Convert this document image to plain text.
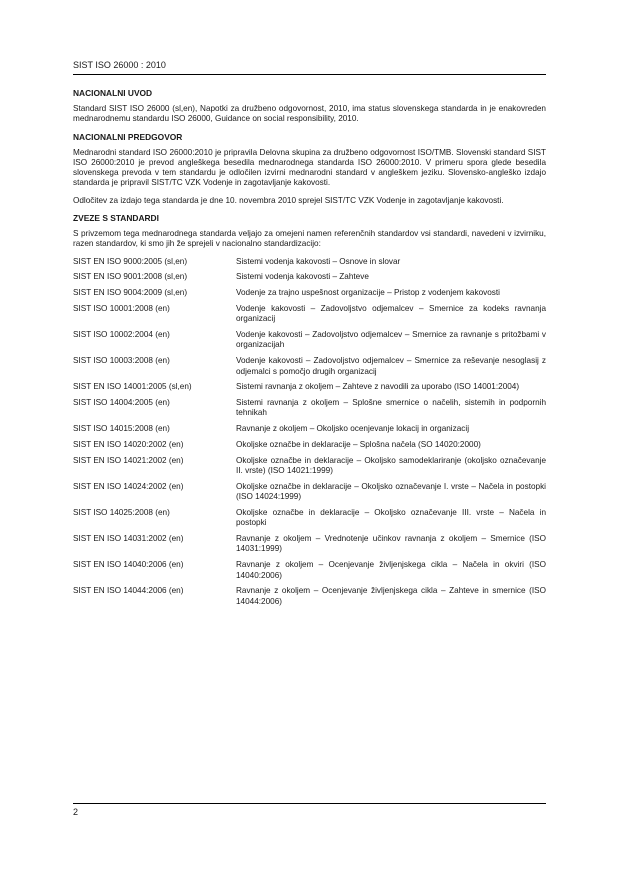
SIST ISO 26000 : 2010
NACIONALNI UVOD

Standard SIST ISO 26000 (sl,en), Napotki za družbeno odgovornost, 2010, ima status slovenskega standarda in je enakovreden mednarodnemu standardu ISO 26000, Guidance on social responsibility, 2010.

NACIONALNI PREDGOVOR

Mednarodni standard ISO 26000:2010 je pripravila Delovna skupina za družbeno odgovornost ISO/TMB. Slovenski standard SIST ISO 26000:2010 je prevod angleškega besedila mednarodnega standarda ISO 26000:2010. V primeru spora glede besedila slovenskega prevoda v tem standardu je odločilen izvirni mednarodni standard v angleškem jeziku. Slovensko-angleško izdajo standarda je pripravil SIST/TC VZK Vodenje in zagotavljanje kakovosti.

Odločitev za izdajo tega standarda je dne 10. novembra 2010 sprejel SIST/TC VZK Vodenje in zagotavljanje kakovosti.

ZVEZE S STANDARDI

S privzemom tega mednarodnega standarda veljajo za omejeni namen referenčnih standardov vsi standardi, navedeni v izvirniku, razen standardov, ki smo jih že sprejeli v nacionalno standardizacijo:

SIST EN ISO 9000:2005 (sl,en)	Sistemi vodenja kakovosti – Osnove in slovar
SIST EN ISO 9001:2008 (sl,en)	Sistemi vodenja kakovosti – Zahteve
SIST EN ISO 9004:2009 (sl,en)	Vodenje za trajno uspešnost organizacije – Pristop z vodenjem kakovosti
SIST ISO 10001:2008 (en)	Vodenje kakovosti – Zadovoljstvo odjemalcev – Smernice za kodeks ravnanja organizacij
SIST ISO 10002:2004 (en)	Vodenje kakovosti – Zadovoljstvo odjemalcev – Smernice za ravnanje s pritožbami v organizacijah
SIST ISO 10003:2008 (en)	Vodenje kakovosti – Zadovoljstvo odjemalcev – Smernice za reševanje nesoglasij z odjemalci s pomočjo drugih organizacij
SIST EN ISO 14001:2005 (sl,en)	Sistemi ravnanja z okoljem – Zahteve z navodili za uporabo (ISO 14001:2004)
SIST ISO 14004:2005 (en)	Sistemi ravnanja z okoljem – Splošne smernice o načelih, sistemih in podpornih tehnikah
SIST ISO 14015:2008 (en)	Ravnanje z okoljem – Okoljsko ocenjevanje lokacij in organizacij
SIST EN ISO 14020:2002 (en)	Okoljske označbe in deklaracije – Splošna načela (SO 14020:2000)
SIST EN ISO 14021:2002 (en)	Okoljske označbe in deklaracije – Okoljsko samodeklariranje (okoljsko označevanje II. vrste) (ISO 14021:1999)
SIST EN ISO 14024:2002 (en)	Okoljske označbe in deklaracije – Okoljsko označevanje I. vrste – Načela in postopki (ISO 14024:1999)
SIST ISO 14025:2008 (en)	Okoljske označbe in deklaracije – Okoljsko označevanje III. vrste – Načela in postopki
SIST EN ISO 14031:2002 (en)	Ravnanje z okoljem – Vrednotenje učinkov ravnanja z okoljem – Smernice (ISO 14031:1999)
SIST EN ISO 14040:2006 (en)	Ravnanje z okoljem – Ocenjevanje življenjskega cikla – Načela in okviri (ISO 14040:2006)
SIST EN ISO 14044:2006 (en)	Ravnanje z okoljem – Ocenjevanje življenjskega cikla – Zahteve in smernice (ISO 14044:2006)
2
